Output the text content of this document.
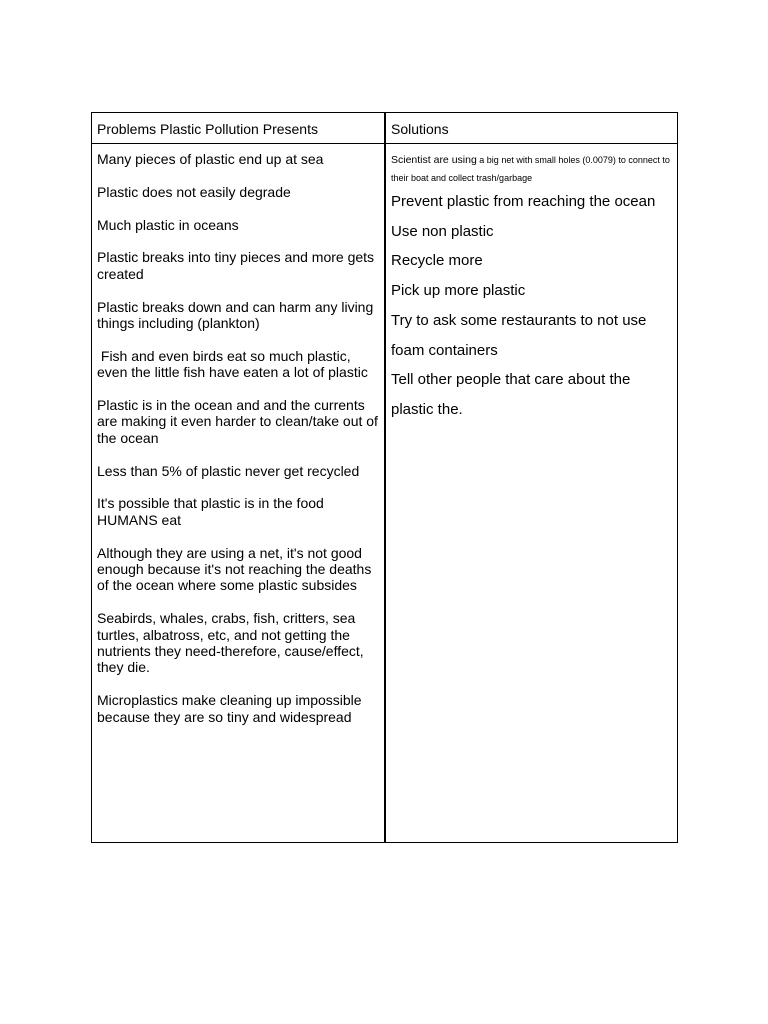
Problems Plastic Pollution Presents	Solutions

Many pieces of plastic end up at sea

Plastic does not easily degrade

Much plastic in oceans

Plastic breaks into tiny pieces and more gets created

Plastic breaks down and can harm any living things including (plankton)

Fish and even birds eat so much plastic, even the little fish have eaten a lot of plastic

Plastic is in the ocean and and the currents are making it even harder to clean/take out of the ocean

Less than 5% of plastic never get recycled

It's possible that plastic is in the food HUMANS eat

Although they are using a net, it's not good enough because it's not reaching the deaths of the ocean where some plastic subsides

Seabirds, whales, crabs, fish, critters, sea turtles, albatross, etc, and not getting the nutrients they need-therefore, cause/effect, they die.

Microplastics make cleaning up impossible because they are so tiny and widespread

Scientist are using a big net with small holes (0.0079) to connect to their boat and collect trash/garbage

Prevent plastic from reaching the ocean
Use non plastic
Recycle more
Pick up more plastic
Try to ask some restaurants to not use foam containers
Tell other people that care about the plastic the.
